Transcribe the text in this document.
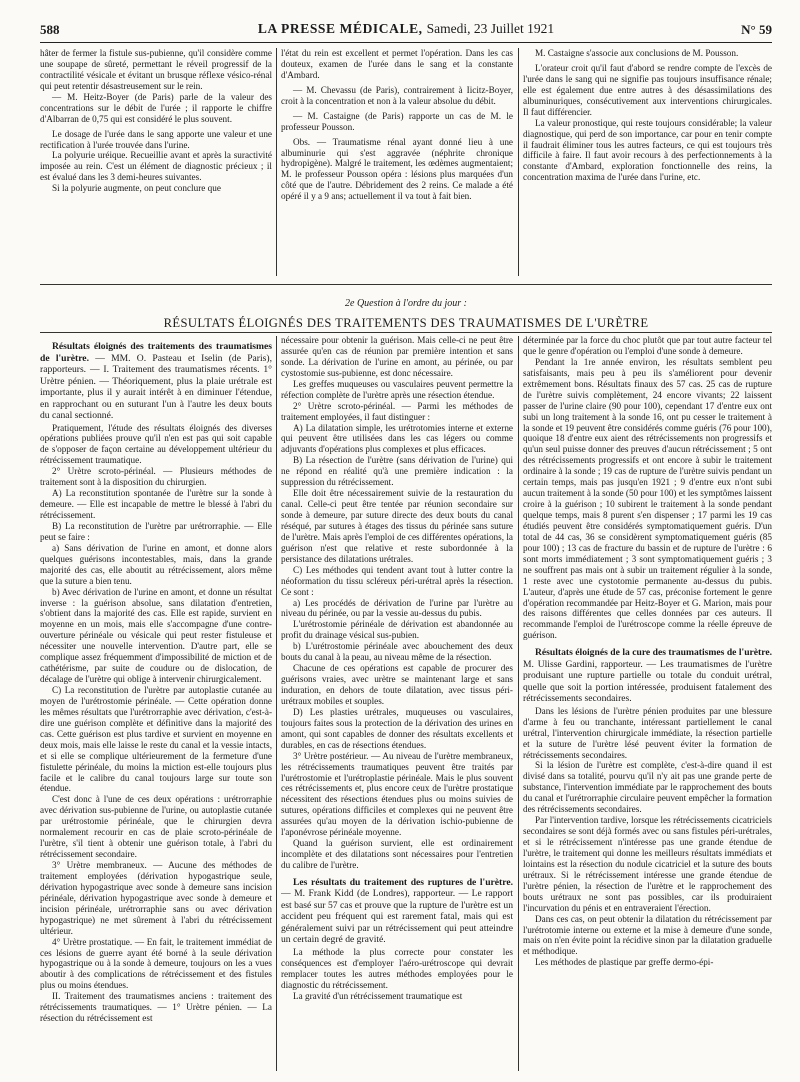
588	LA PRESSE MÉDICALE, Samedi, 23 Juillet 1921	N° 59

hâter de fermer la fistule sus-pubienne, qu'il considère comme une soupape de sûreté, permettant le réveil progressif de la contractilité vésicale et évitant un brusque réflexe vésico-rénal qui peut retentir désastreusement sur le rein.

— M. Heitz-Boyer (de Paris) parle de la valeur des concentrations sur le débit de l'urée ; il rapporte le chiffre d'Albarran de 0,75 qui est considéré le plus souvent.

Le dosage de l'urée dans le sang apporte une valeur et une rectification à l'urée trouvée dans l'urine.

La polyurie uréique. Recueillie avant et après la suractivité imposée au rein. C'est un élément de diagnostic précieux ; il est évalué dans les 3 demi-heures suivantes.

Si la polyurie augmente, on peut conclure que

l'état du rein est excellent et permet l'opération. Dans les cas douteux, examen de l'urée dans le sang et la constante d'Ambard.

— M. Chevassu (de Paris), contrairement à Iicitz-Boyer, croit à la concentration et non à la valeur absolue du débit.

— M. Castaigne (de Paris) rapporte un cas de M. le professeur Pousson.

Obs. — Traumatisme rénal ayant donné lieu à une albuminurie qui s'est aggravée (néphrite chronique hydropigène). Malgré le traitement, les œdèmes augmentaient; M. le professeur Pousson opéra : lésions plus marquées d'un côté que de l'autre. Débridement des 2 reins. Ce malade a été opéré il y a 9 ans; actuellement il va tout à fait bien.

M. Castaigne s'associe aux conclusions de M. Pousson.

L'orateur croit qu'il faut d'abord se rendre compte de l'excès de l'urée dans le sang qui ne signifie pas toujours insuffisance rénale; elle est également due entre autres à des désassimilations des albuminuriques, consécutivement aux interventions chirurgicales. Il faut différencier.

La valeur pronostique, qui reste toujours considérable; la valeur diagnostique, qui perd de son importance, car pour en tenir compte il faudrait éliminer tous les autres facteurs, ce qui est toujours très difficile à faire. Il faut avoir recours à des perfectionnements à la constante d'Ambard, exploration fonctionnelle des reins, la concentration maxima de l'urée dans l'urine, etc.

2e Question à l'ordre du jour :
RÉSULTATS ÉLOIGNÉS DES TRAITEMENTS DES TRAUMATISMES DE L'URÈTRE
Résultats éloignés des traitements des traumatismes de l'urètre. — MM. O. Pasteau et Iselin (de Paris), rapporteurs. — I. Traitement des traumatismes récents. 1° Urètre pénien. — Théoriquement, plus la plaie urétrale est importante, plus il y aurait intérêt à en diminuer l'étendue, en rapprochant ou en suturant l'un à l'autre les deux bouts du canal sectionné.

Pratiquement, l'étude des résultats éloignés des diverses opérations publiées prouve qu'il n'en est pas qui soit capable de s'opposer de façon certaine au développement ultérieur du rétrécissement traumatique.

2° Urètre scroto-périnéal. — Plusieurs méthodes de traitement sont à la disposition du chirurgien.

A) La reconstitution spontanée de l'urètre sur la sonde à demeure. — Elle est incapable de mettre le blessé à l'abri du rétrécissement.

B) La reconstitution de l'urètre par urétrorraphie. — Elle peut se faire :

a) Sans dérivation de l'urine en amont, et donne alors quelques guérisons incontestables, mais, dans la grande majorité des cas, elle aboutit au rétrécissement, alors même que la suture a bien tenu.

b) Avec dérivation de l'urine en amont, et donne un résultat inverse : la guérison absolue, sans dilatation d'entretien, s'obtient dans la majorité des cas. Elle est rapide, survient en moyenne en un mois, mais elle s'accompagne d'une contre-ouverture périnéale ou vésicale qui peut rester fistuleuse et nécessiter une nouvelle intervention. D'autre part, elle se complique assez fréquemment d'impossibilité de miction et de cathétérisme, par suite de coudure ou de dislocation, de décalage de l'urètre qui oblige à intervenir chirurgicalement.

C) La reconstitution de l'urètre par autoplastie cutanée au moyen de l'urétrostomie périnéale. — Cette opération donne les mêmes résultats que l'urétrorraphie avec dérivation, c'est-à-dire une guérison complète et définitive dans la majorité des cas. Cette guérison est plus tardive et survient en moyenne en deux mois, mais elle laisse le reste du canal et la vessie intacts, et si elle se complique ultérieurement de la fermeture d'une fistulette périnéale, du moins la miction est-elle toujours plus facile et le calibre du canal toujours large sur toute son étendue.

C'est donc à l'une de ces deux opérations : urétrorraphie avec dérivation sus-pubienne de l'urine, ou autoplastie cutanée par urétrostomie périnéale, que le chirurgien devra normalement recourir en cas de plaie scroto-périnéale de l'urètre, s'il tient à obtenir une guérison totale, à l'abri du rétrécissement secondaire.

3° Urètre membraneux. — Aucune des méthodes de traitement employées (dérivation hypogastrique seule, dérivation hypogastrique avec sonde à demeure sans incision périnéale, dérivation hypogastrique avec sonde à demeure et incision périnéale, urétrorraphie sans ou avec dérivation hypogastrique) ne met sûrement à l'abri du rétrécissement ultérieur.

4° Urètre prostatique. — En fait, le traitement immédiat de ces lésions de guerre ayant été borné à la seule dérivation hypogastrique ou à la sonde à demeure, toujours on les a vues aboutir à des complications de rétrécissement et des fistules plus ou moins étendues.

II. Traitement des traumatismes anciens : traitement des rétrécissements traumatiques. — 1° Urètre pénien. — La résection du rétrécissement est

nécessaire pour obtenir la guérison. Mais celle-ci ne peut être assurée qu'en cas de réunion par première intention et sans sonde. La dérivation de l'urine en amont, au périnée, ou par cystostomie sus-pubienne, est donc nécessaire.

Les greffes muqueuses ou vasculaires peuvent permettre la réfection complète de l'urètre après une résection étendue.

2° Urètre scroto-périnéal. — Parmi les méthodes de traitement employées, il faut distinguer :

A) La dilatation simple, les urétrotomies interne et externe qui peuvent être utilisées dans les cas légers ou comme adjuvants d'opérations plus complexes et plus efficaces.

B) La résection de l'urètre (sans dérivation de l'urine) qui ne répond en réalité qu'à une première indication : la suppression du rétrécissement.

Elle doit être nécessairement suivie de la restauration du canal. Celle-ci peut être tentée par réunion secondaire sur sonde à demeure, par suture directe des deux bouts du canal réséqué, par sutures à étages des tissus du périnée sans suture de l'urètre. Mais après l'emploi de ces différentes opérations, la guérison n'est que relative et reste subordonnée à la persistance des dilatations urétrales.

C) Les méthodes qui tendent avant tout à lutter contre la néoformation du tissu scléreux péri-urétral après la résection. Ce sont :

a) Les procédés de dérivation de l'urine par l'urètre au niveau du périnée, ou par la vessie au-dessus du pubis.

L'urétrostomie périnéale de dérivation est abandonnée au profit du drainage vésical sus-pubien.

b) L'urétrostomie périnéale avec abouchement des deux bouts du canal à la peau, au niveau même de la résection.

Chacune de ces opérations est capable de procurer des guérisons vraies, avec urètre se maintenant large et sans induration, en dehors de toute dilatation, avec tissus péri-urétraux mobiles et souples.

D) Les plasties urétrales, muqueuses ou vasculaires, toujours faites sous la protection de la dérivation des urines en amont, qui sont capables de donner des résultats excellents et durables, en cas de résections étendues.

3° Urètre postérieur. — Au niveau de l'urètre membraneux, les rétrécissements traumatiques peuvent être traités par l'urétrostomie et l'urétroplastie périnéale. Mais le plus souvent ces rétrécissements et, plus encore ceux de l'urètre prostatique nécessitent des résections étendues plus ou moins suivies de sutures, opérations difficiles et complexes qui ne peuvent être assurées qu'au moyen de la dérivation ischio-pubienne de l'aponévrose périnéale moyenne.

Quand la guérison survient, elle est ordinairement incomplète et des dilatations sont nécessaires pour l'entretien du calibre de l'urètre.

Les résultats du traitement des ruptures de l'urètre. — M. Frank Kidd (de Londres), rapporteur. — Le rapport est basé sur 57 cas et prouve que la rupture de l'urètre est un accident peu fréquent qui est rarement fatal, mais qui est généralement suivi par un rétrécissement qui peut atteindre un certain degré de gravité.

La méthode la plus correcte pour constater les conséquences est d'employer l'aéro-urétroscope qui devrait remplacer toutes les autres méthodes employées pour le diagnostic du rétrécissement.

La gravité d'un rétrécissement traumatique est

déterminée par la force du choc plutôt que par tout autre facteur tel que le genre d'opération ou l'emploi d'une sonde à demeure.

Pendant la 1re année environ, les résultats semblent peu satisfaisants, mais peu à peu ils s'améliorent pour devenir extrêmement bons. Résultats finaux des 57 cas. 25 cas de rupture de l'urètre suivis complètement, 24 encore vivants; 22 laissent passer de l'urine claire (90 pour 100), cependant 17 d'entre eux ont subi un long traitement à la sonde 16, ont pu cesser le traitement à la sonde et 19 peuvent être considérés comme guéris (76 pour 100), quoique 18 d'entre eux aient des rétrécissements non progressifs et qu'un seul puisse donner des preuves d'aucun rétrécissement ; 5 ont des rétrécissements progressifs et ont encore à subir le traitement ordinaire à la sonde ; 19 cas de rupture de l'urètre suivis pendant un certain temps, mais pas jusqu'en 1921 ; 9 d'entre eux n'ont subi aucun traitement à la sonde (50 pour 100) et les symptômes laissent croire à la guérison ; 10 subirent le traitement à la sonde pendant quelque temps, mais 8 purent s'en dispenser ; 17 parmi les 19 cas étudiés peuvent être considérés symptomatiquement guéris. D'un total de 44 cas, 36 se considèrent symptomatiquement guéris (85 pour 100) ; 13 cas de fracture du bassin et de rupture de l'urètre : 6 sont morts immédiatement ; 3 sont symptomatiquement guéris ; 3 ne souffrent pas mais ont à subir un traitement régulier à la sonde, 1 reste avec une cystotomie permanente au-dessus du pubis. L'auteur, d'après une étude de 57 cas, préconise fortement le genre d'opération recommandée par Heitz-Boyer et G. Marion, mais pour des raisons différentes que celles données par ces auteurs. Il recommande l'emploi de l'urétroscope comme la réelle épreuve de guérison.

Résultats éloignés de la cure des traumatismes de l'urètre. M. Ulisse Gardini, rapporteur. — Les traumatismes de l'urètre produisant une rupture partielle ou totale du conduit urétral, quelle que soit la portion intéressée, produisent fatalement des rétrécissements secondaires.

Dans les lésions de l'urètre pénien produites par une blessure d'arme à feu ou tranchante, intéressant partiellement le canal urétral, l'intervention chirurgicale immédiate, la résection partielle et la suture de l'urètre lésé peuvent éviter la formation de rétrécissements secondaires.

Si la lésion de l'urètre est complète, c'est-à-dire quand il est divisé dans sa totalité, pourvu qu'il n'y ait pas une grande perte de substance, l'intervention immédiate par le rapprochement des bouts du canal et l'urétrorraphie circulaire peuvent empêcher la formation des rétrécissements secondaires.

Par l'intervention tardive, lorsque les rétrécissements cicatriciels secondaires se sont déjà formés avec ou sans fistules péri-urétrales, et si le rétrécissement n'intéresse pas une grande étendue de l'urètre, le traitement qui donne les meilleurs résultats immédiats et lointains est la résection du nodule cicatriciel et la suture des bouts urétraux. Si le rétrécissement intéresse une grande étendue de l'urètre pénien, la résection de l'urètre et le rapprochement des bouts urétraux ne sont pas possibles, car ils produiraient l'incurvation du pénis et en entraveraient l'érection.

Dans ces cas, on peut obtenir la dilatation du rétrécissement par l'urétrotomie interne ou externe et la mise à demeure d'une sonde, mais on n'en évite point la récidive sinon par la dilatation graduelle et méthodique.

Les méthodes de plastique par greffe dermo-épi-
